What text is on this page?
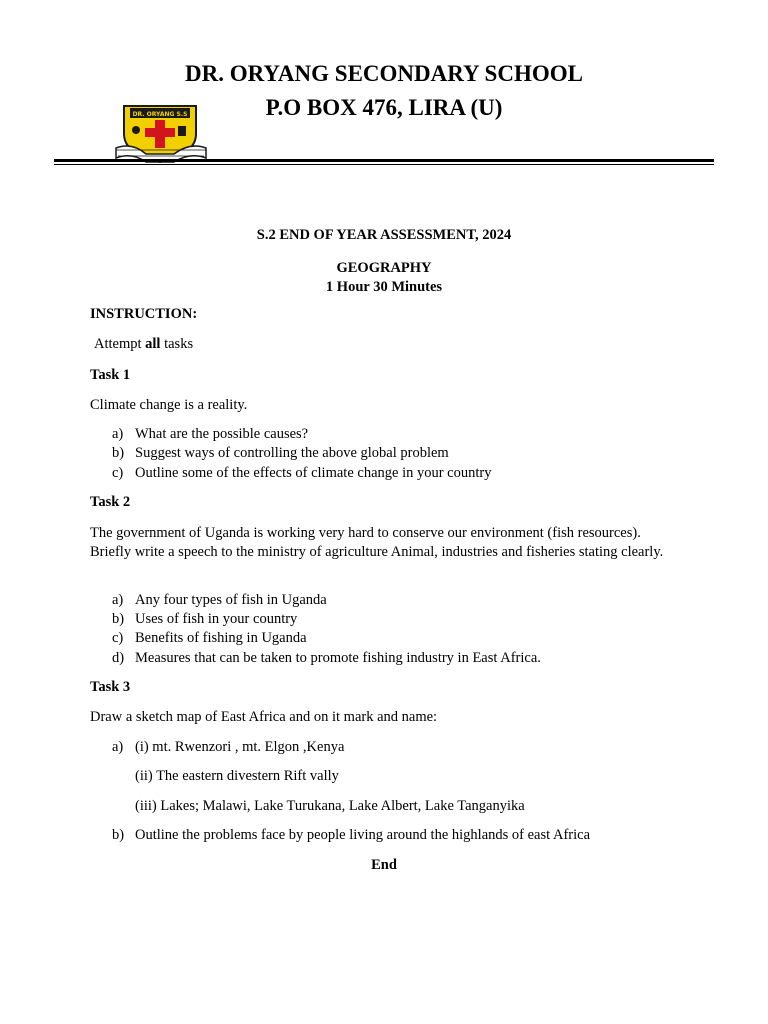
DR. ORYANG SECONDARY SCHOOL
P.O BOX 476, LIRA (U)
DR. ORYANG S.S
S.2 END OF YEAR ASSESSMENT, 2024
GEOGRAPHY
1 Hour 30 Minutes
INSTRUCTION:
Attempt all tasks
Task 1
Climate change is a reality.
a) What are the possible causes?
b) Suggest ways of controlling the above global problem
c) Outline some of the effects of climate change in your country
Task 2
The government of Uganda is working very hard to conserve our environment (fish resources). Briefly write a speech to the ministry of agriculture Animal, industries and fisheries stating clearly.
a) Any four types of fish in Uganda
b) Uses of fish in your country
c) Benefits of fishing in Uganda
d) Measures that can be taken to promote fishing industry in East Africa.
Task 3
Draw a sketch map of East Africa and on it mark and name:
a) (i) mt. Rwenzori , mt. Elgon ,Kenya
(ii) The eastern divestern Rift vally
(iii) Lakes; Malawi, Lake Turukana, Lake Albert, Lake Tanganyika
b) Outline the problems face by people living around the highlands of east Africa
End
